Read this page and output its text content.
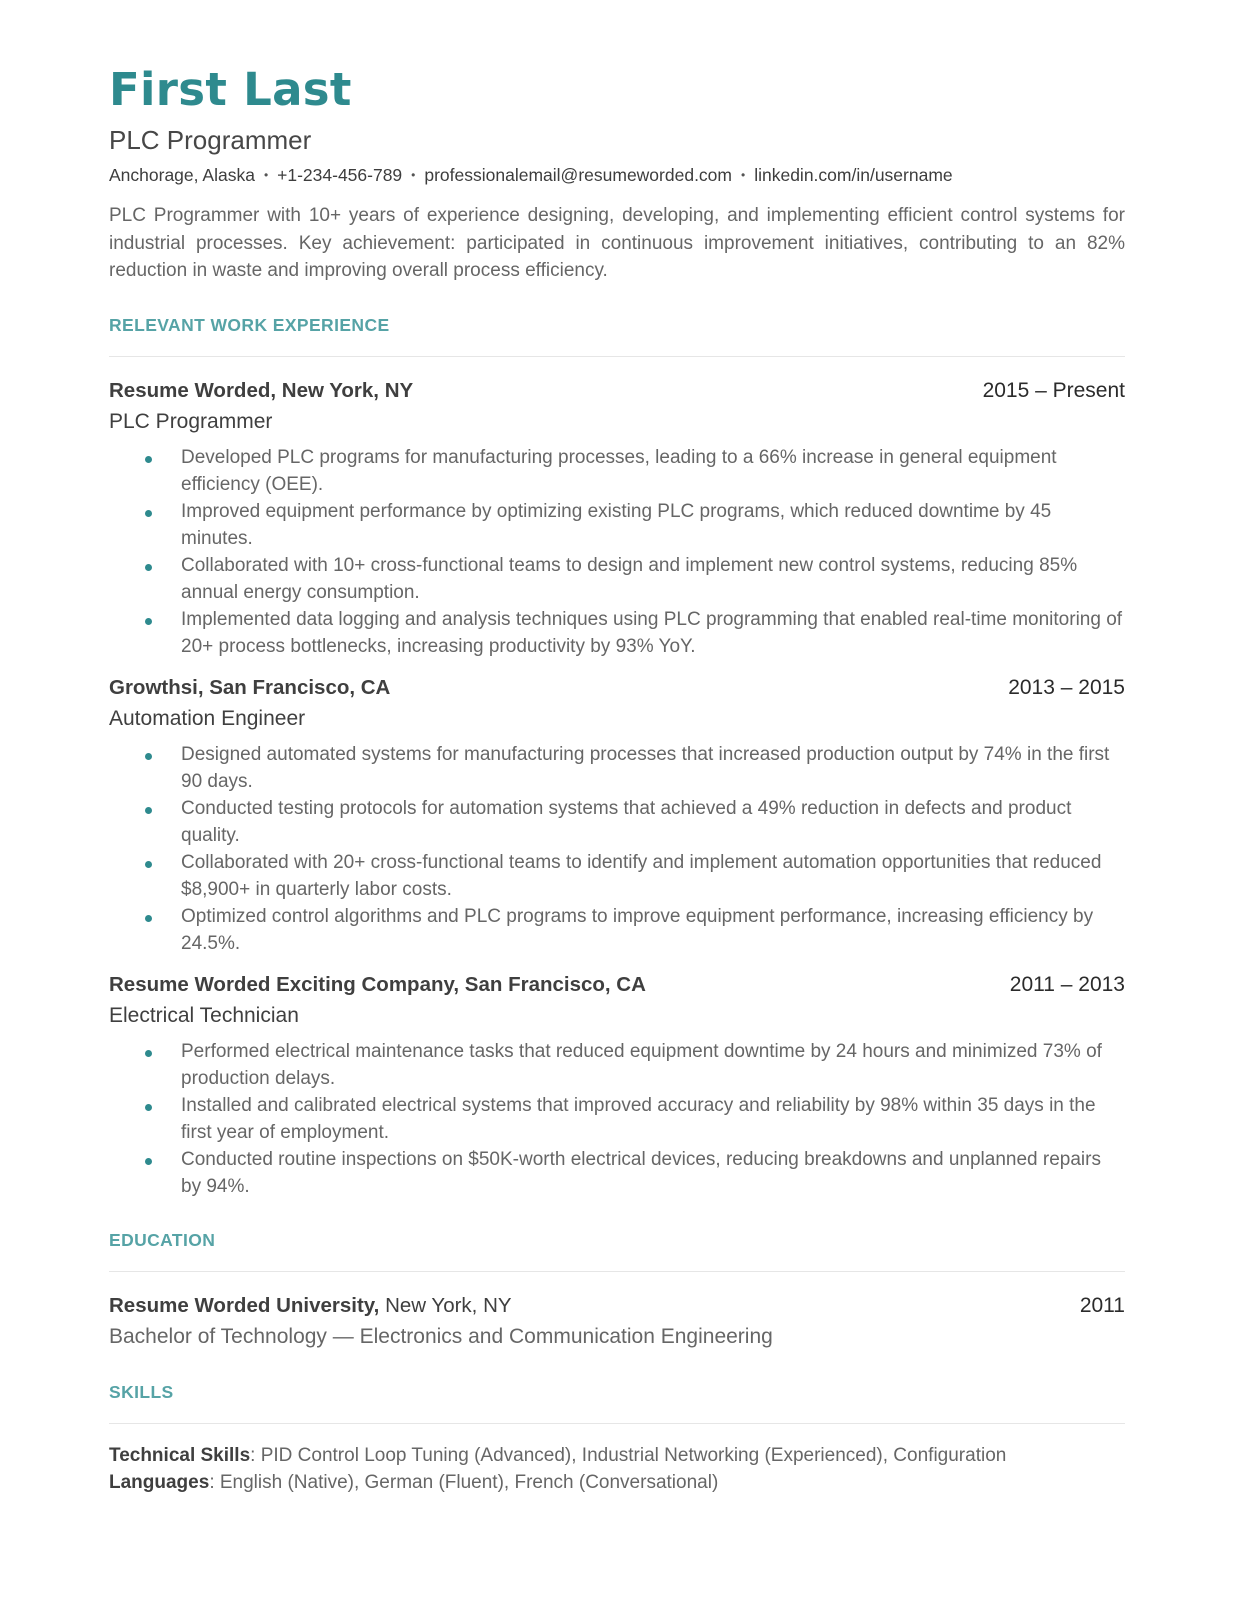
First Last
PLC Programmer
Anchorage, Alaska • +1-234-456-789 • professionalemail@resumeworded.com • linkedin.com/in/username
PLC Programmer with 10+ years of experience designing, developing, and implementing efficient control systems for industrial processes. Key achievement: participated in continuous improvement initiatives, contributing to an 82% reduction in waste and improving overall process efficiency.
RELEVANT WORK EXPERIENCE
Resume Worded, New York, NY	2015 – Present
PLC Programmer
Developed PLC programs for manufacturing processes, leading to a 66% increase in general equipment efficiency (OEE).
Improved equipment performance by optimizing existing PLC programs, which reduced downtime by 45 minutes.
Collaborated with 10+ cross-functional teams to design and implement new control systems, reducing 85% annual energy consumption.
Implemented data logging and analysis techniques using PLC programming that enabled real-time monitoring of 20+ process bottlenecks, increasing productivity by 93% YoY.
Growthsi, San Francisco, CA	2013 – 2015
Automation Engineer
Designed automated systems for manufacturing processes that increased production output by 74% in the first 90 days.
Conducted testing protocols for automation systems that achieved a 49% reduction in defects and product quality.
Collaborated with 20+ cross-functional teams to identify and implement automation opportunities that reduced $8,900+ in quarterly labor costs.
Optimized control algorithms and PLC programs to improve equipment performance, increasing efficiency by 24.5%.
Resume Worded Exciting Company, San Francisco, CA	2011 – 2013
Electrical Technician
Performed electrical maintenance tasks that reduced equipment downtime by 24 hours and minimized 73% of production delays.
Installed and calibrated electrical systems that improved accuracy and reliability by 98% within 35 days in the first year of employment.
Conducted routine inspections on $50K-worth electrical devices, reducing breakdowns and unplanned repairs by 94%.
EDUCATION
Resume Worded University, New York, NY	2011
Bachelor of Technology — Electronics and Communication Engineering
SKILLS
Technical Skills: PID Control Loop Tuning (Advanced), Industrial Networking (Experienced), Configuration
Languages: English (Native), German (Fluent), French (Conversational)
